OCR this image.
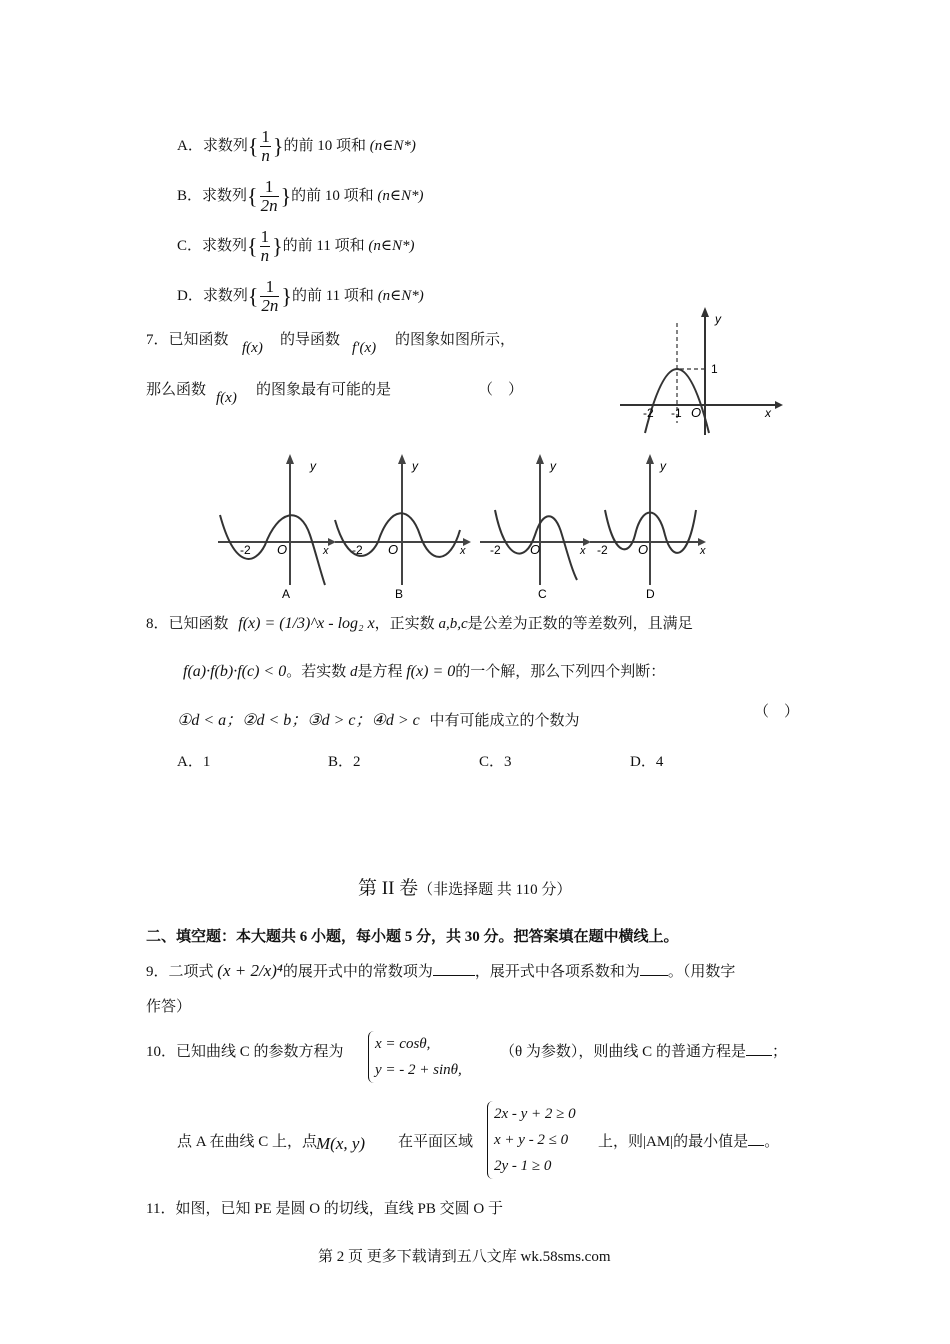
A．求数列{ $\frac{1}{n}$ }的前 10 项和 (n∈N*)
B．求数列{ $\frac{1}{2n}$ }的前 10 项和 (n∈N*)
C．求数列{ $\frac{1}{n}$ }的前 11 项和 (n∈N*)
D．求数列{ $\frac{1}{2n}$ }的前 11 项和 (n∈N*)
7．已知函数 f(x) 的导函数 f′(x) 的图象如图所示，
那么函数 f(x) 的图象最有可能的是	（　）
y
x
-2 -1 O
1
y
x
-2 O
A
y
x
-2 O
B
y
x
-2 O
C
y
x
-2 O
D
8．已知函数 f(x) = (1/3)^x - log₂ x，正实数 a,b,c是公差为正数的等差数列，且满足
f(a)·f(b)·f(c) < 0。若实数 d是方程 f(x) = 0的一个解，那么下列四个判断：
①d < a；②d < b；③d > c；④d > c 中有可能成立的个数为
（　）
A．1	B．2	C．3	D．4
第 II 卷（非选择题 共 110 分）
二、填空题：本大题共 6 小题，每小题 5 分，共 30 分。把答案填在题中横线上。
9．二项式 (x + 2/x)⁴的展开式中的常数项为	，展开式中各项系数和为 。（用数字
作答）
10．已知曲线 C 的参数方程为 x = cosθ,
y = - 2 + sinθ,
（θ 为参数），则曲线 C 的普通方程是 ；
点 A 在曲线 C 上，点
M(x, y) 在平面区域
2x - y + 2 ≥ 0
x + y - 2 ≤ 0
2y - 1 ≥ 0
上，则|AM|的最小值是 。
11．如图，已知 PE 是圆 O 的切线，直线 PB 交圆 O 于
第 2 页 更多下载请到五八文库 wk.58sms.com
